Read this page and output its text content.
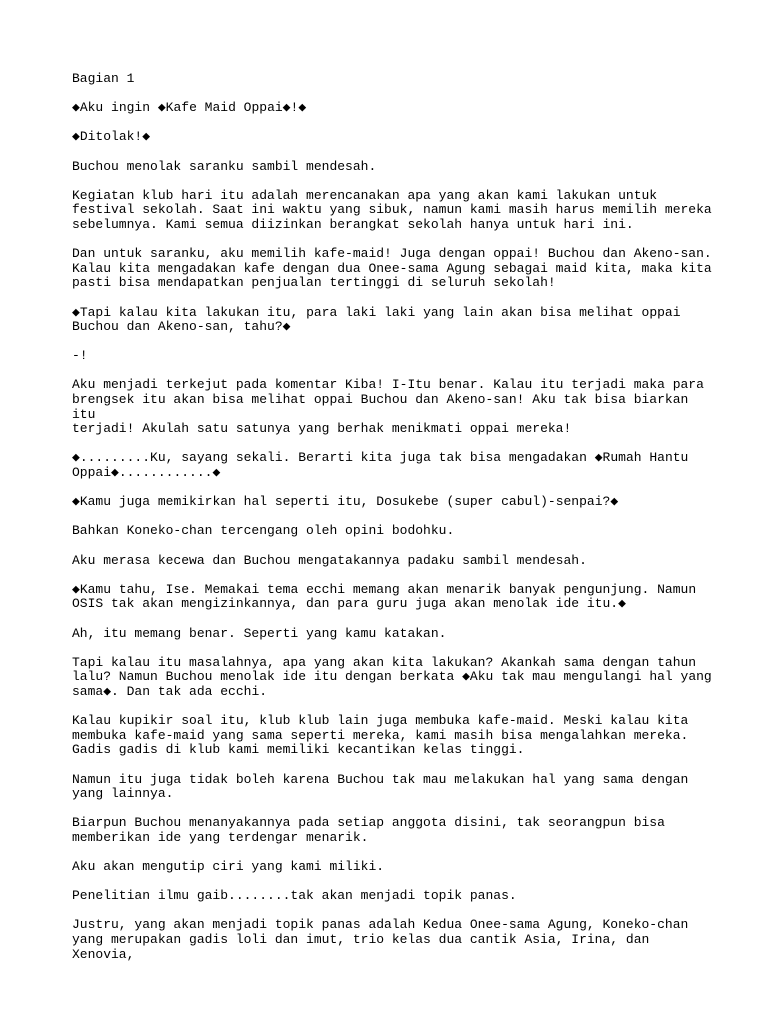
Bagian 1

◆Aku ingin ◆Kafe Maid Oppai◆!◆

◆Ditolak!◆

Buchou menolak saranku sambil mendesah.

Kegiatan klub hari itu adalah merencanakan apa yang akan kami lakukan untuk
festival sekolah. Saat ini waktu yang sibuk, namun kami masih harus memilih mereka
sebelumnya. Kami semua diizinkan berangkat sekolah hanya untuk hari ini.

Dan untuk saranku, aku memilih kafe-maid! Juga dengan oppai! Buchou dan Akeno-san.
Kalau kita mengadakan kafe dengan dua Onee-sama Agung sebagai maid kita, maka kita
pasti bisa mendapatkan penjualan tertinggi di seluruh sekolah!

◆Tapi kalau kita lakukan itu, para laki laki yang lain akan bisa melihat oppai
Buchou dan Akeno-san, tahu?◆

-!

Aku menjadi terkejut pada komentar Kiba! I-Itu benar. Kalau itu terjadi maka para
brengsek itu akan bisa melihat oppai Buchou dan Akeno-san! Aku tak bisa biarkan itu
terjadi! Akulah satu satunya yang berhak menikmati oppai mereka!

◆.........Ku, sayang sekali. Berarti kita juga tak bisa mengadakan ◆Rumah Hantu
Oppai◆............◆

◆Kamu juga memikirkan hal seperti itu, Dosukebe (super cabul)-senpai?◆

Bahkan Koneko-chan tercengang oleh opini bodohku.

Aku merasa kecewa dan Buchou mengatakannya padaku sambil mendesah.

◆Kamu tahu, Ise. Memakai tema ecchi memang akan menarik banyak pengunjung. Namun
OSIS tak akan mengizinkannya, dan para guru juga akan menolak ide itu.◆

Ah, itu memang benar. Seperti yang kamu katakan.

Tapi kalau itu masalahnya, apa yang akan kita lakukan? Akankah sama dengan tahun
lalu? Namun Buchou menolak ide itu dengan berkata ◆Aku tak mau mengulangi hal yang
sama◆. Dan tak ada ecchi.

Kalau kupikir soal itu, klub klub lain juga membuka kafe-maid. Meski kalau kita
membuka kafe-maid yang sama seperti mereka, kami masih bisa mengalahkan mereka.
Gadis gadis di klub kami memiliki kecantikan kelas tinggi.

Namun itu juga tidak boleh karena Buchou tak mau melakukan hal yang sama dengan
yang lainnya.

Biarpun Buchou menanyakannya pada setiap anggota disini, tak seorangpun bisa
memberikan ide yang terdengar menarik.

Aku akan mengutip ciri yang kami miliki.

Penelitian ilmu gaib........tak akan menjadi topik panas.

Justru, yang akan menjadi topik panas adalah Kedua Onee-sama Agung, Koneko-chan
yang merupakan gadis loli dan imut, trio kelas dua cantik Asia, Irina, dan Xenovia,
